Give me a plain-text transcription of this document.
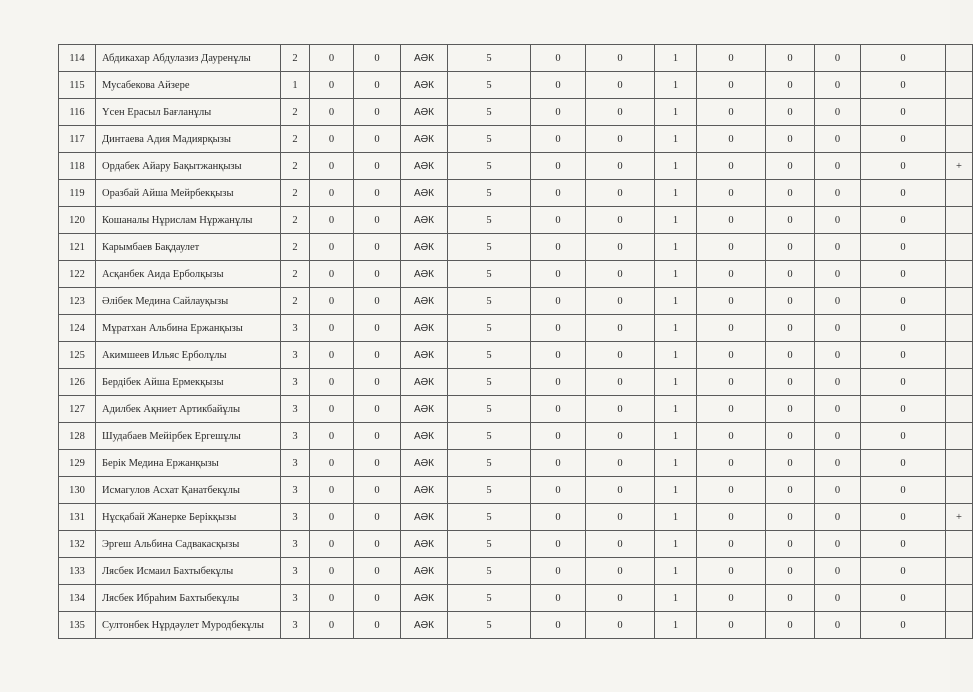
114	Абдикахар Абдулазиз Дауренұлы	2	0	0	АӘК	5	0	0	1	0	0	0	0	
115	Мусабекова Айзере	1	0	0	АӘК	5	0	0	1	0	0	0	0	
116	Үсен Ерасыл Бағланұлы	2	0	0	АӘК	5	0	0	1	0	0	0	0	
117	Динтаева Адия Мадиярқызы	2	0	0	АӘК	5	0	0	1	0	0	0	0	
118	Ордабек Айару Бақытжанқызы	2	0	0	АӘК	5	0	0	1	0	0	0	0	+
119	Оразбай Айша Мейрбекқызы	2	0	0	АӘК	5	0	0	1	0	0	0	0	
120	Кошаналы Нұрислам Нұржанұлы	2	0	0	АӘК	5	0	0	1	0	0	0	0	
121	Карымбаев Бақдаулет	2	0	0	АӘК	5	0	0	1	0	0	0	0	
122	Асқанбек Аида Ерболқызы	2	0	0	АӘК	5	0	0	1	0	0	0	0	
123	Әлібек Медина Сайлауқызы	2	0	0	АӘК	5	0	0	1	0	0	0	0	
124	Мұратхан Альбина Ержанқызы	3	0	0	АӘК	5	0	0	1	0	0	0	0	
125	Акимшеев Ильяс Ерболұлы	3	0	0	АӘК	5	0	0	1	0	0	0	0	
126	Бердібек Айша Ермекқызы	3	0	0	АӘК	5	0	0	1	0	0	0	0	
127	Адилбек Ақниет Артикбайұлы	3	0	0	АӘК	5	0	0	1	0	0	0	0	
128	Шудабаев Мейірбек Ергешұлы	3	0	0	АӘК	5	0	0	1	0	0	0	0	
129	Берік Медина Ержанқызы	3	0	0	АӘК	5	0	0	1	0	0	0	0	
130	Исмагулов Асхат Қанатбекұлы	3	0	0	АӘК	5	0	0	1	0	0	0	0	
131	Нұсқабай Жанерке Берікқызы	3	0	0	АӘК	5	0	0	1	0	0	0	0	+
132	Эргеш Альбина Садвакасқызы	3	0	0	АӘК	5	0	0	1	0	0	0	0	
133	Лясбек Исмаил Бахтыбекұлы	3	0	0	АӘК	5	0	0	1	0	0	0	0	
134	Лясбек Ибраһим Бахтыбекұлы	3	0	0	АӘК	5	0	0	1	0	0	0	0	
135	Султонбек Нұрдәулет Муродбекұлы	3	0	0	АӘК	5	0	0	1	0	0	0	0	
